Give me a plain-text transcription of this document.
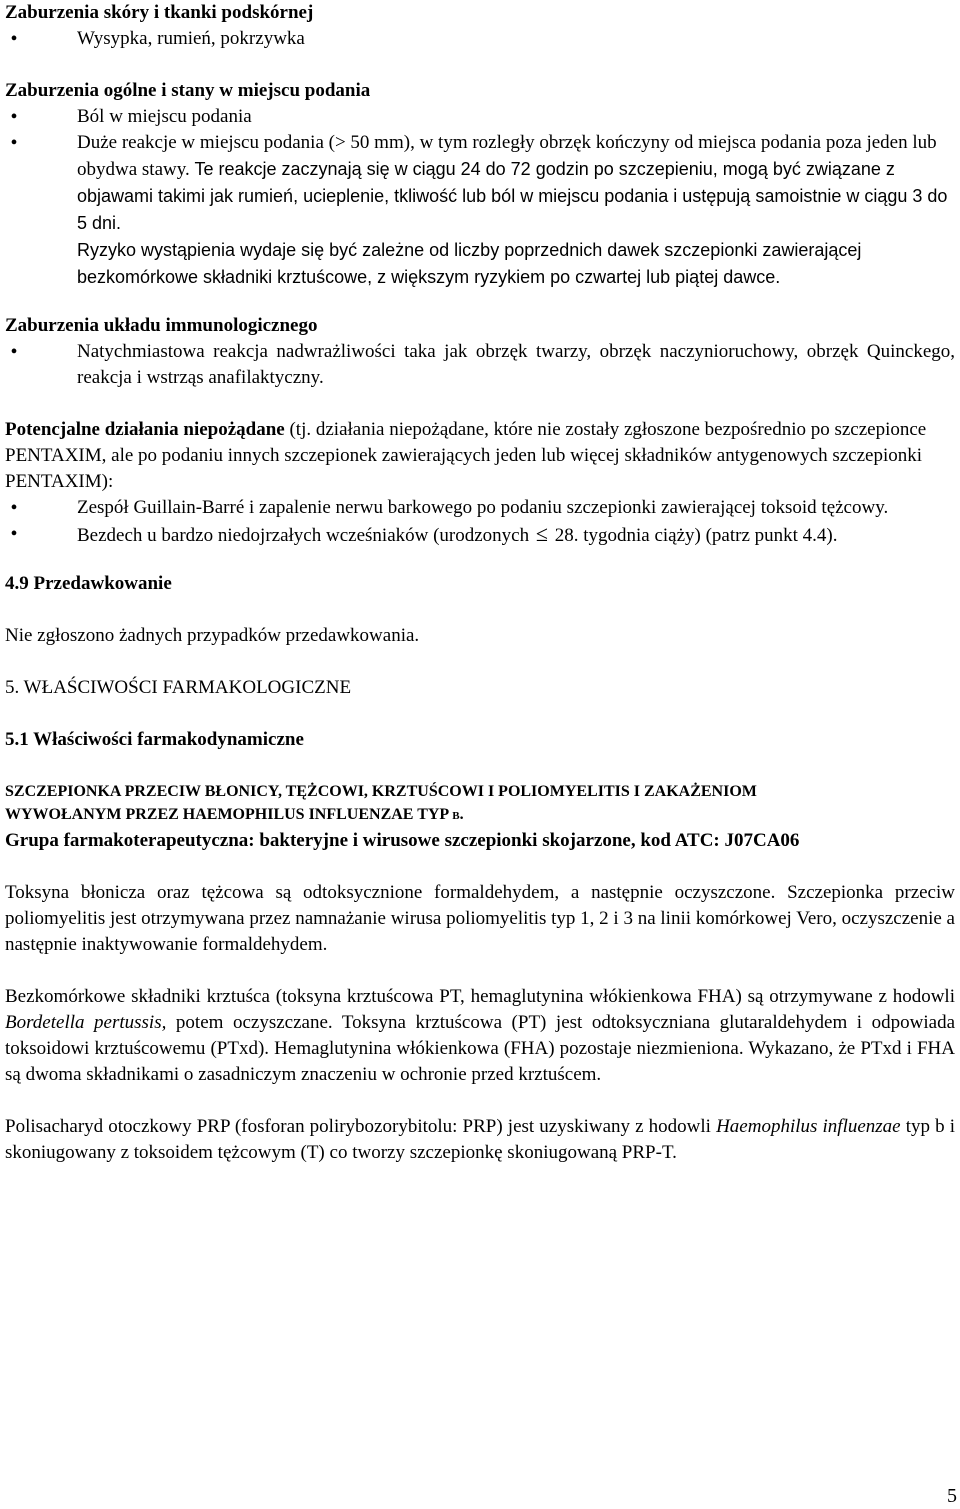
Zaburzenia skóry i tkanki podskórnej

•	Wysypka, rumień, pokrzywka

Zaburzenia ogólne i stany w miejscu podania

•	Ból w miejscu podania
•	Duże reakcje w miejscu podania (> 50 mm), w tym rozległy obrzęk kończyny od miejsca podania poza jeden lub obydwa stawy. Te reakcje zaczynają się w ciągu 24 do 72 godzin po szczepieniu, mogą być związane z objawami takimi jak rumień, ucieplenie, tkliwość lub ból w miejscu podania i ustępują samoistnie w ciągu 3 do 5 dni.
Ryzyko wystąpienia wydaje się być zależne od liczby poprzednich dawek szczepionki zawierającej bezkomórkowe składniki krztuścowe, z większym ryzykiem po czwartej lub piątej dawce.

Zaburzenia układu immunologicznego

•	Natychmiastowa reakcja nadwrażliwości taka jak obrzęk twarzy, obrzęk naczynioruchowy, obrzęk Quinckego, reakcja i wstrząs anafilaktyczny.

Potencjalne działania niepożądane (tj. działania niepożądane, które nie zostały zgłoszone bezpośrednio po szczepionce PENTAXIM, ale po podaniu innych szczepionek zawierających jeden lub więcej składników antygenowych szczepionki PENTAXIM):

•	Zespół Guillain-Barré i zapalenie nerwu barkowego po podaniu szczepionki zawierającej toksoid tężcowy.
•	Bezdech u bardzo niedojrzałych wcześniaków (urodzonych ≤ 28. tygodnia ciąży) (patrz punkt 4.4).

4.9 Przedawkowanie

Nie zgłoszono żadnych przypadków przedawkowania.

5. WŁAŚCIWOŚCI FARMAKOLOGICZNE

5.1 Właściwości farmakodynamiczne

SZCZEPIONKA PRZECIW BŁONICY, TĘŻCOWI, KRZTUŚCOWI I POLIOMYELITIS I ZAKAŻENIOM

WYWOŁANYM PRZEZ HAEMOPHILUS INFLUENZAE TYP b.

Grupa farmakoterapeutyczna: bakteryjne i wirusowe szczepionki skojarzone, kod ATC: J07CA06

Toksyna błonicza oraz tężcowa są odtoksycznione formaldehydem, a następnie oczyszczone. Szczepionka przeciw poliomyelitis jest otrzymywana przez namnażanie wirusa poliomyelitis typ 1, 2 i 3 na linii komórkowej Vero, oczyszczenie a następnie inaktywowanie formaldehydem.

Bezkomórkowe składniki krztuśca (toksyna krztuścowa PT, hemaglutynina włókienkowa FHA) są otrzymywane z hodowli Bordetella pertussis, potem oczyszczane. Toksyna krztuścowa (PT) jest odtoksyczniana glutaraldehydem i odpowiada toksoidowi krztuścowemu (PTxd). Hemaglutynina włókienkowa (FHA) pozostaje niezmieniona. Wykazano, że PTxd i FHA są dwoma składnikami o zasadniczym znaczeniu w ochronie przed krztuścem.

Polisacharyd otoczkowy PRP (fosforan polirybozorybitolu: PRP) jest uzyskiwany z hodowli Haemophilus influenzae typ b i skoniugowany z toksoidem tężcowym (T) co tworzy szczepionkę skoniugowaną PRP-T.

5
